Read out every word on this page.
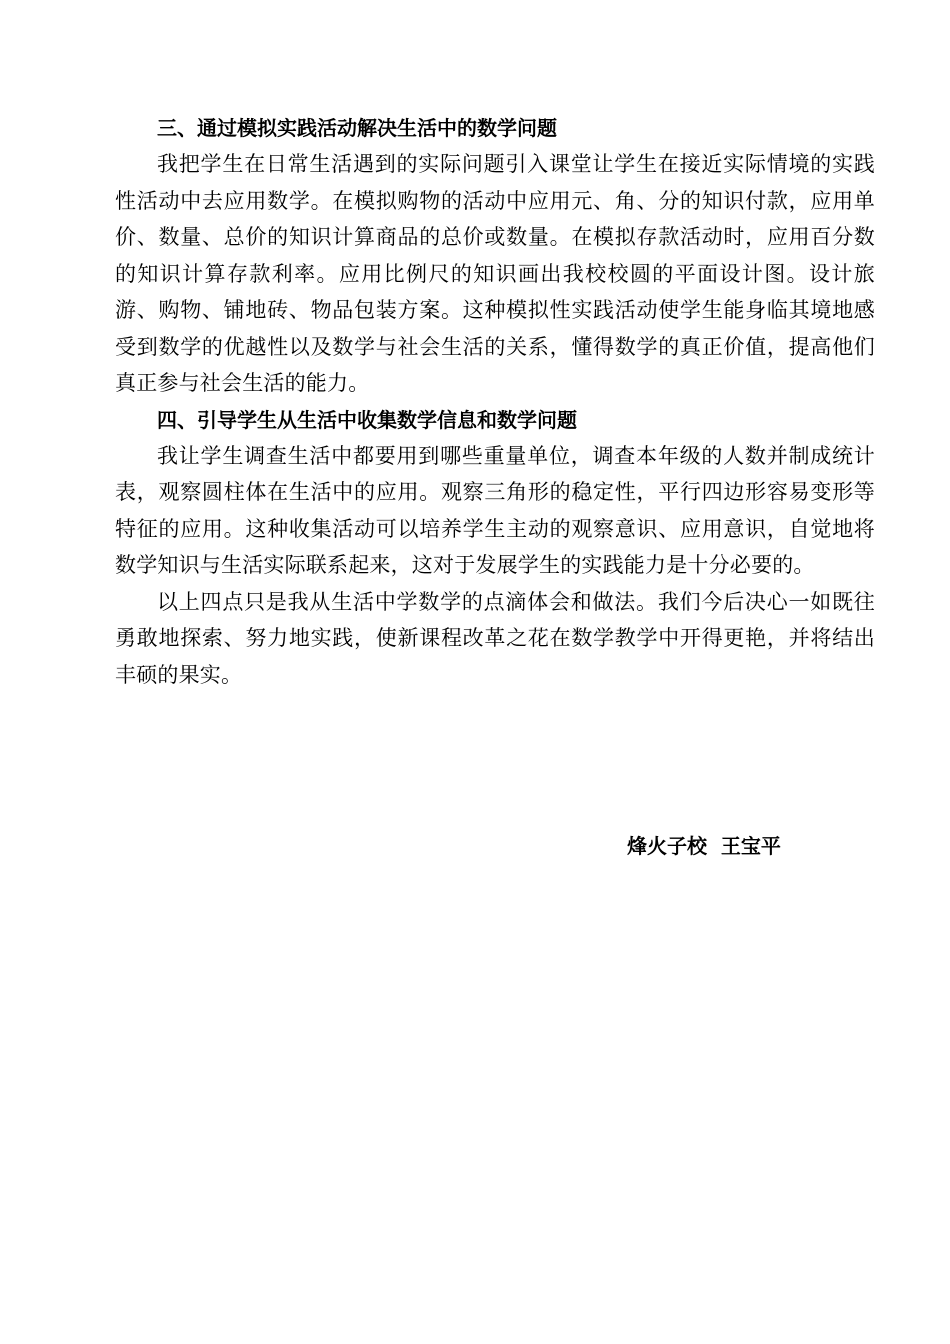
三、通过模拟实践活动解决生活中的数学问题

我把学生在日常生活遇到的实际问题引入课堂让学生在接近实际情境的实践性活动中去应用数学。在模拟购物的活动中应用元、角、分的知识付款，应用单价、数量、总价的知识计算商品的总价或数量。在模拟存款活动时，应用百分数的知识计算存款利率。应用比例尺的知识画出我校校圆的平面设计图。设计旅游、购物、铺地砖、物品包装方案。这种模拟性实践活动使学生能身临其境地感受到数学的优越性以及数学与社会生活的关系，懂得数学的真正价值，提高他们真正参与社会生活的能力。

四、引导学生从生活中收集数学信息和数学问题

我让学生调查生活中都要用到哪些重量单位，调查本年级的人数并制成统计表，观察圆柱体在生活中的应用。观察三角形的稳定性，平行四边形容易变形等特征的应用。这种收集活动可以培养学生主动的观察意识、应用意识，自觉地将数学知识与生活实际联系起来，这对于发展学生的实践能力是十分必要的。

以上四点只是我从生活中学数学的点滴体会和做法。我们今后决心一如既往勇敢地探索、努力地实践，使新课程改革之花在数学教学中开得更艳，并将结出丰硕的果实。

烽火子校  王宝平
